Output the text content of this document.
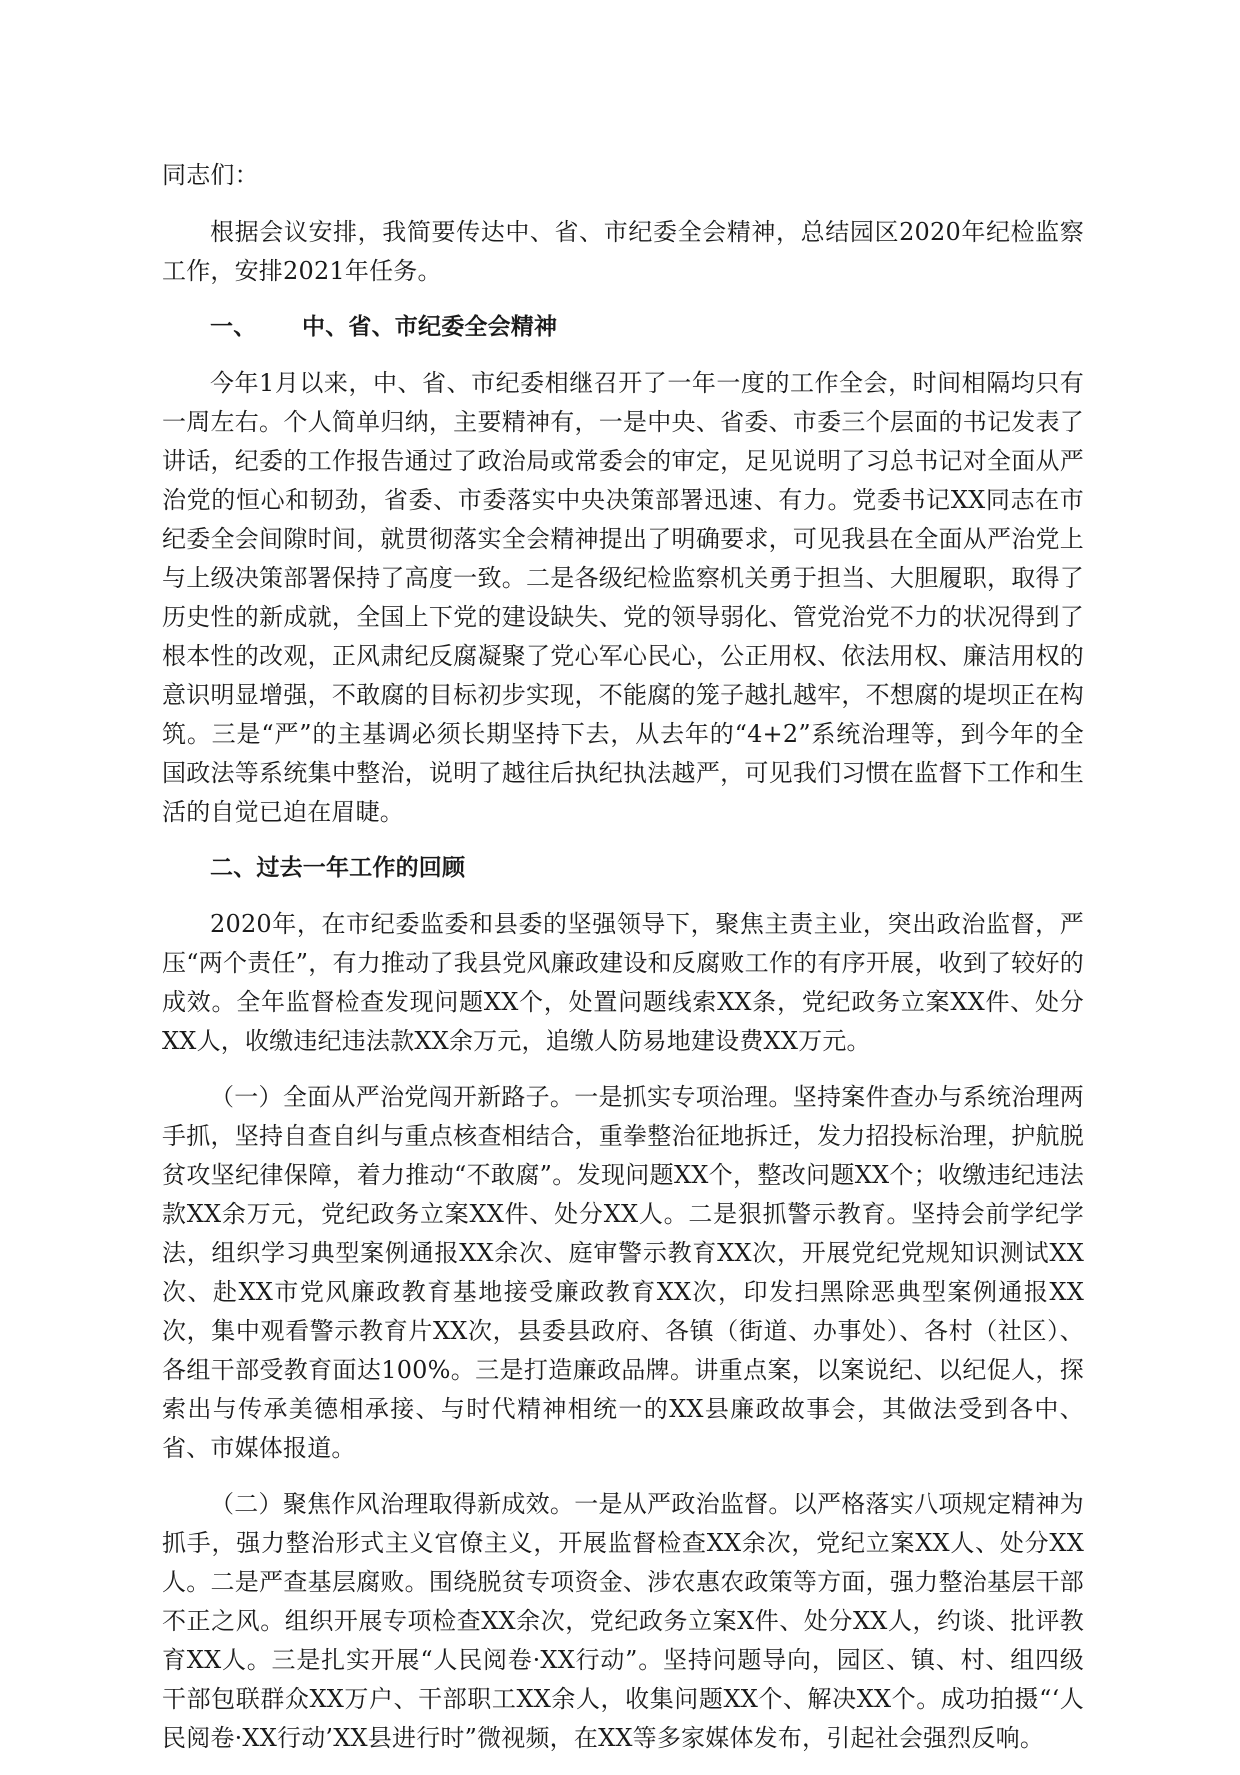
同志们：

根据会议安排，我简要传达中、省、市纪委全会精神，总结园区2020年纪检监察工作，安排2021年任务。

一、 中、省、市纪委全会精神

今年1月以来，中、省、市纪委相继召开了一年一度的工作全会，时间相隔均只有一周左右。个人简单归纳，主要精神有，一是中央、省委、市委三个层面的书记发表了讲话，纪委的工作报告通过了政治局或常委会的审定，足见说明了习总书记对全面从严治党的恒心和韧劲，省委、市委落实中央决策部署迅速、有力。党委书记XX同志在市纪委全会间隙时间，就贯彻落实全会精神提出了明确要求，可见我县在全面从严治党上与上级决策部署保持了高度一致。二是各级纪检监察机关勇于担当、大胆履职，取得了历史性的新成就，全国上下党的建设缺失、党的领导弱化、管党治党不力的状况得到了根本性的改观，正风肃纪反腐凝聚了党心军心民心，公正用权、依法用权、廉洁用权的意识明显增强，不敢腐的目标初步实现，不能腐的笼子越扎越牢，不想腐的堤坝正在构筑。三是“严”的主基调必须长期坚持下去，从去年的“4+2”系统治理等，到今年的全国政法等系统集中整治，说明了越往后执纪执法越严，可见我们习惯在监督下工作和生活的自觉已迫在眉睫。

二、过去一年工作的回顾

2020年，在市纪委监委和县委的坚强领导下，聚焦主责主业，突出政治监督，严压“两个责任”，有力推动了我县党风廉政建设和反腐败工作的有序开展，收到了较好的成效。全年监督检查发现问题XX个，处置问题线索XX条，党纪政务立案XX件、处分XX人，收缴违纪违法款XX余万元，追缴人防易地建设费XX万元。

（一）全面从严治党闯开新路子。一是抓实专项治理。坚持案件查办与系统治理两手抓，坚持自查自纠与重点核查相结合，重拳整治征地拆迁，发力招投标治理，护航脱贫攻坚纪律保障，着力推动“不敢腐”。发现问题XX个，整改问题XX个；收缴违纪违法款XX余万元，党纪政务立案XX件、处分XX人。二是狠抓警示教育。坚持会前学纪学法，组织学习典型案例通报XX余次、庭审警示教育XX次，开展党纪党规知识测试XX次、赴XX市党风廉政教育基地接受廉政教育XX次，印发扫黑除恶典型案例通报XX次，集中观看警示教育片XX次，县委县政府、各镇（街道、办事处）、各村（社区）、各组干部受教育面达100%。三是打造廉政品牌。讲重点案，以案说纪、以纪促人，探索出与传承美德相承接、与时代精神相统一的XX县廉政故事会，其做法受到各中、省、市媒体报道。

（二）聚焦作风治理取得新成效。一是从严政治监督。以严格落实八项规定精神为抓手，强力整治形式主义官僚主义，开展监督检查XX余次，党纪立案XX人、处分XX人。二是严查基层腐败。围绕脱贫专项资金、涉农惠农政策等方面，强力整治基层干部不正之风。组织开展专项检查XX余次，党纪政务立案X件、处分XX人，约谈、批评教育XX人。三是扎实开展“人民阅卷·XX行动”。坚持问题导向，园区、镇、村、组四级干部包联群众XX万户、干部职工XX余人，收集问题XX个、解决XX个。成功拍摄“‘人民阅卷·XX行动’XX县进行时”微视频，在XX等多家媒体发布，引起社会强烈反响。
